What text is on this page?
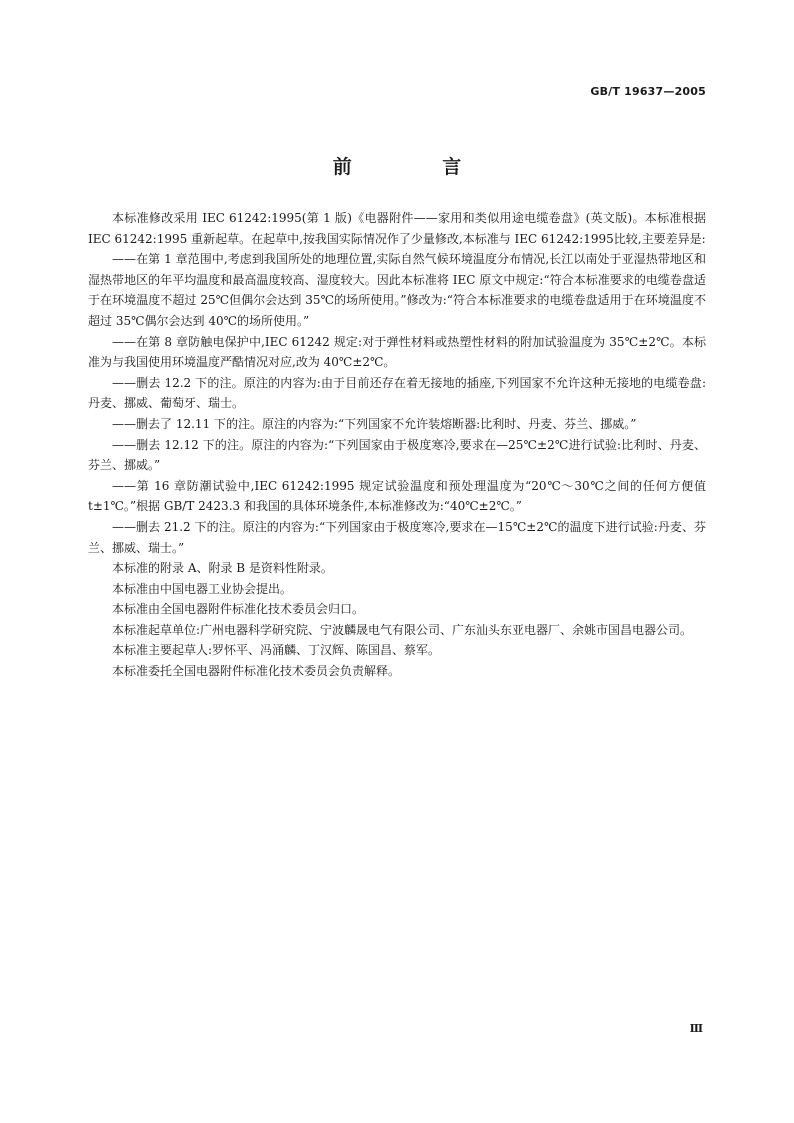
GB/T 19637—2005
前 言

本标准修改采用 IEC 61242:1995(第 1 版)《电器附件——家用和类似用途电缆卷盘》(英文版)。本标准根据 IEC 61242:1995 重新起草。在起草中,按我国实际情况作了少量修改,本标准与 IEC 61242:1995比较,主要差异是:

——在第 1 章范围中,考虑到我国所处的地理位置,实际自然气候环境温度分布情况,长江以南处于亚湿热带地区和湿热带地区的年平均温度和最高温度较高、湿度较大。因此本标准将 IEC 原文中规定:“符合本标准要求的电缆卷盘适于在环境温度不超过 25℃但偶尔会达到 35℃的场所使用。”修改为:“符合本标准要求的电缆卷盘适用于在环境温度不超过 35℃偶尔会达到 40℃的场所使用。”

——在第 8 章防触电保护中,IEC 61242 规定:对于弹性材料或热塑性材料的附加试验温度为 35℃±2℃。本标准为与我国使用环境温度严酷情况对应,改为 40℃±2℃。

——删去 12.2 下的注。原注的内容为:由于目前还存在着无接地的插座,下列国家不允许这种无接地的电缆卷盘:丹麦、挪威、葡萄牙、瑞士。

——删去了 12.11 下的注。原注的内容为:“下列国家不允许装熔断器:比利时、丹麦、芬兰、挪威。”

——删去 12.12 下的注。原注的内容为:“下列国家由于极度寒冷,要求在—25℃±2℃进行试验:比利时、丹麦、芬兰、挪威。”

——第 16 章防潮试验中,IEC 61242:1995 规定试验温度和预处理温度为“20℃～30℃之间的任何方便值 t±1℃。”根据 GB/T 2423.3 和我国的具体环境条件,本标准修改为:“40℃±2℃。”

——删去 21.2 下的注。原注的内容为:“下列国家由于极度寒冷,要求在—15℃±2℃的温度下进行试验:丹麦、芬兰、挪威、瑞士。”

本标准的附录 A、附录 B 是资料性附录。

本标准由中国电器工业协会提出。

本标准由全国电器附件标准化技术委员会归口。

本标准起草单位:广州电器科学研究院、宁波麟晟电气有限公司、广东汕头东亚电器厂、余姚市国昌电器公司。

本标准主要起草人:罗怀平、冯涌麟、丁汉辉、陈国昌、蔡军。

本标准委托全国电器附件标准化技术委员会负责解释。

Ⅲ
